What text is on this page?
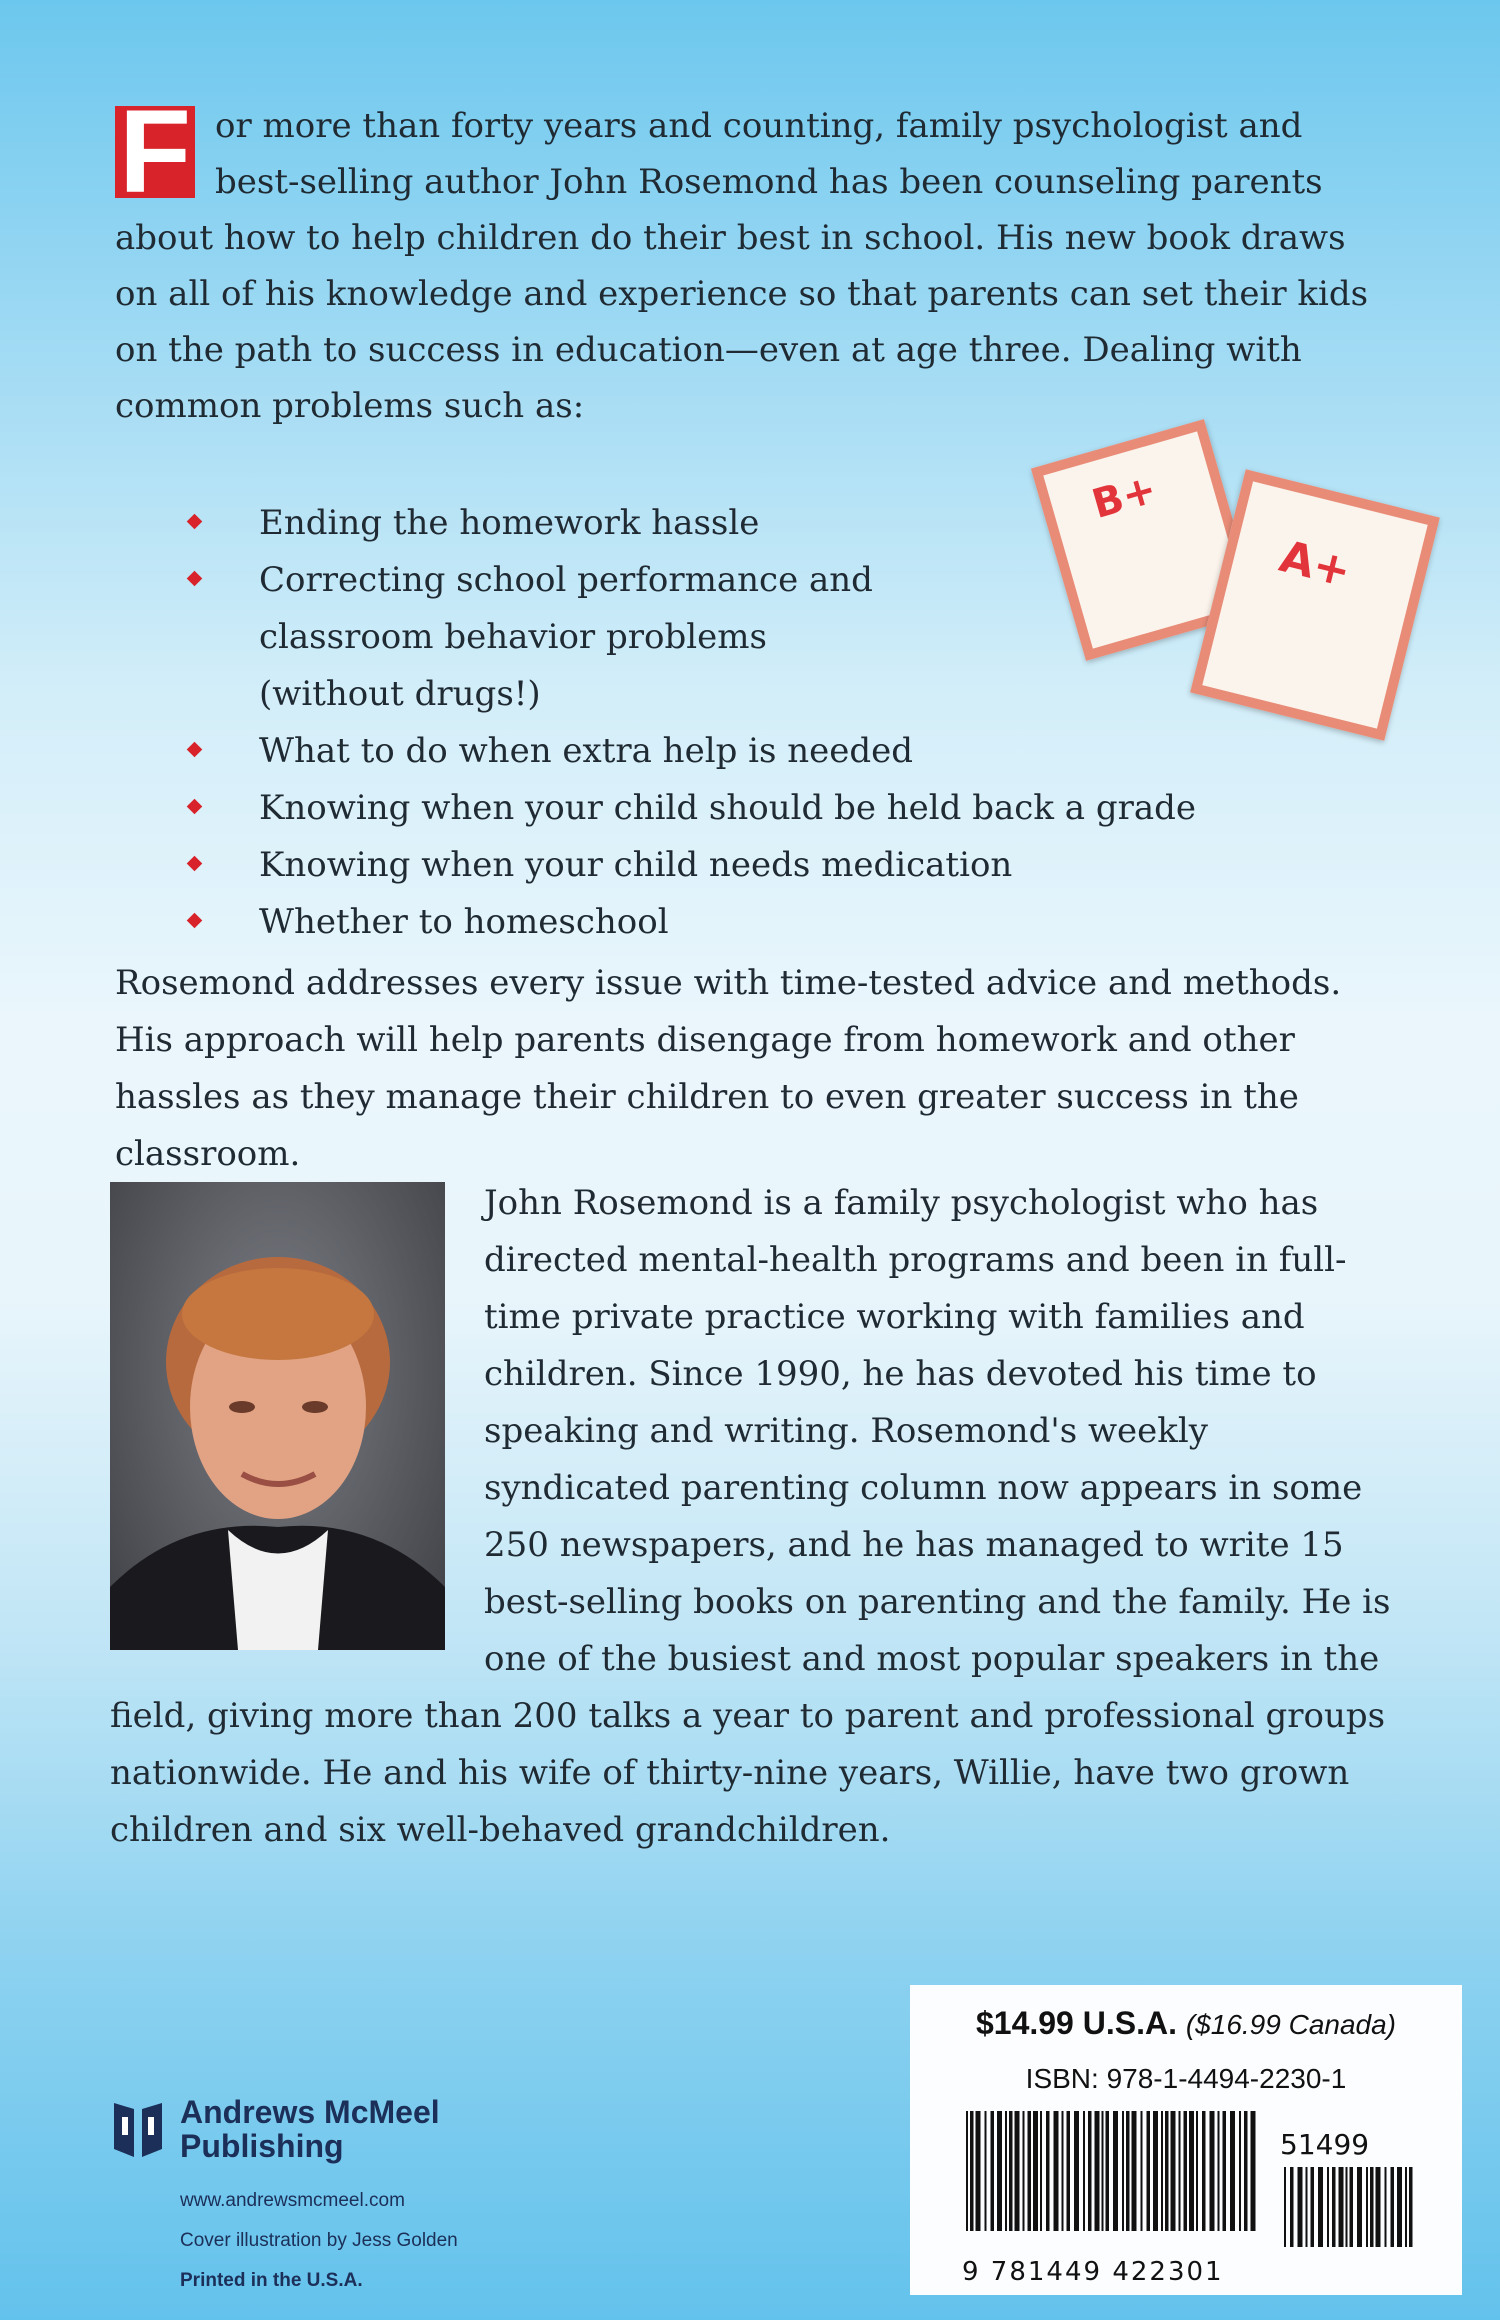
F or more than forty years and counting, family psychologist and best-selling author John Rosemond has been counseling parents about how to help children do their best in school. His new book draws on all of his knowledge and experience so that parents can set their kids on the path to success in education—even at age three. Dealing with common problems such as:
Ending the homework hassle
Correcting school performance and classroom behavior problems (without drugs!)
What to do when extra help is needed
Knowing when your child should be held back a grade
Knowing when your child needs medication
Whether to homeschool
B+
A+
Rosemond addresses every issue with time-tested advice and methods. His approach will help parents disengage from homework and other hassles as they manage their children to even greater success in the classroom.
John Rosemond is a family psychologist who has directed mental-health programs and been in full-time private practice working with families and children. Since 1990, he has devoted his time to speaking and writing. Rosemond's weekly syndicated parenting column now appears in some 250 newspapers, and he has managed to write 15 best-selling books on parenting and the family. He is one of the busiest and most popular speakers in the field, giving more than 200 talks a year to parent and professional groups nationwide. He and his wife of thirty-nine years, Willie, have two grown children and six well-behaved grandchildren.
Andrews McMeel
Publishing
www.andrewsmcmeel.com
Cover illustration by Jess Golden
Printed in the U.S.A.
$14.99 U.S.A. ($16.99 Canada)
ISBN: 978-1-4494-2230-1
9 781449 422301
51499
